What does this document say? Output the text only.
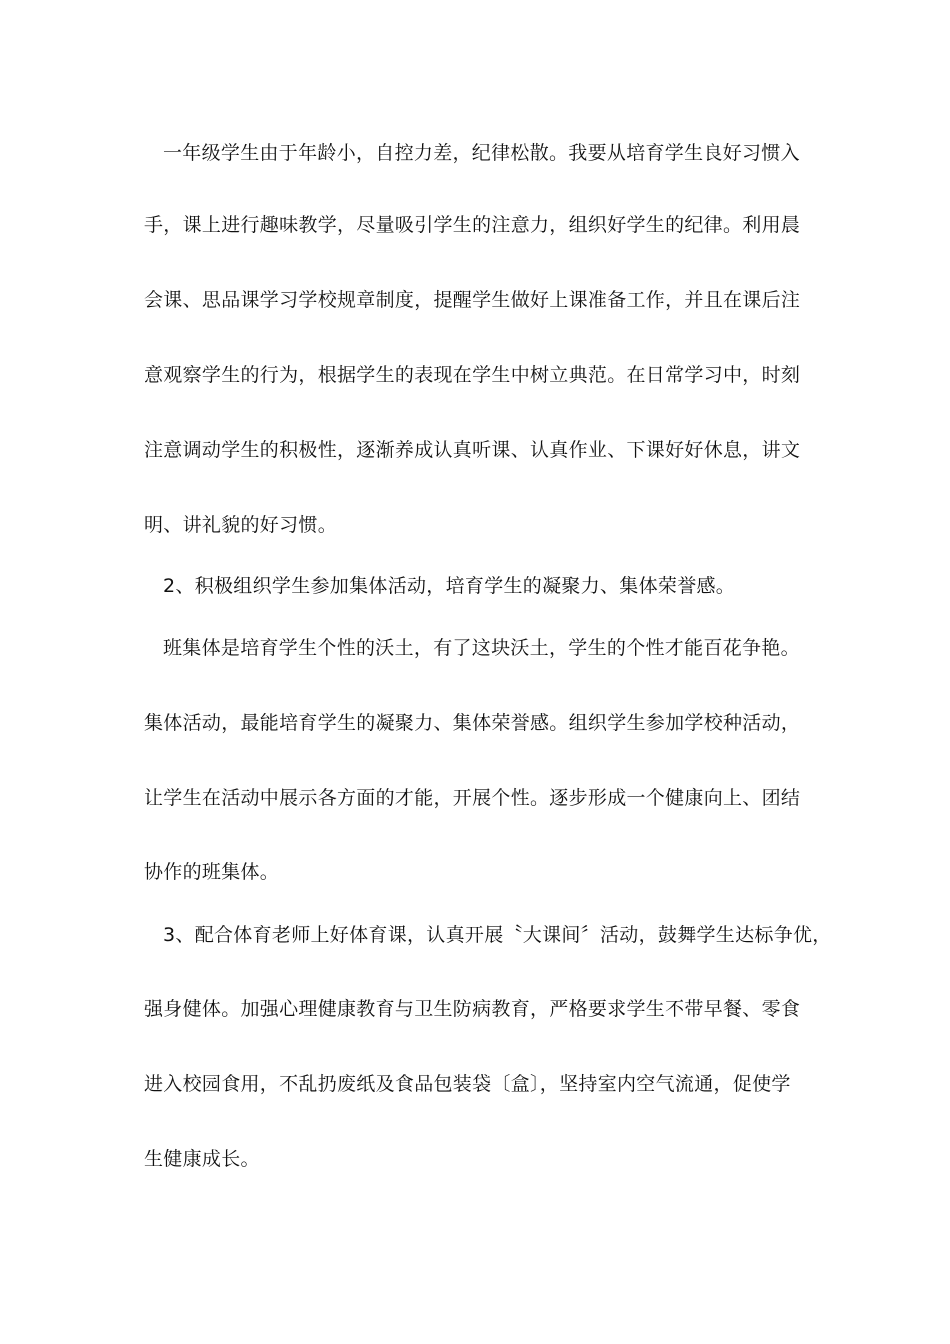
一年级学生由于年龄小，自控力差，纪律松散。我要从培育学生良好习惯入
手，课上进行趣味教学，尽量吸引学生的注意力，组织好学生的纪律。利用晨
会课、思品课学习学校规章制度，提醒学生做好上课准备工作，并且在课后注
意观察学生的行为，根据学生的表现在学生中树立典范。在日常学习中，时刻
注意调动学生的积极性，逐渐养成认真听课、认真作业、下课好好休息，讲文
明、讲礼貌的好习惯。
2、积极组织学生参加集体活动，培育学生的凝聚力、集体荣誉感。
班集体是培育学生个性的沃土，有了这块沃土，学生的个性才能百花争艳。
集体活动，最能培育学生的凝聚力、集体荣誉感。组织学生参加学校种活动，
让学生在活动中展示各方面的才能，开展个性。逐步形成一个健康向上、团结
协作的班集体。
3、配合体育老师上好体育课，认真开展〝大课间〞活动，鼓舞学生达标争优，
强身健体。加强心理健康教育与卫生防病教育，严格要求学生不带早餐、零食
进入校园食用，不乱扔废纸及食品包装袋〔盒〕，坚持室内空气流通，促使学
生健康成长。
